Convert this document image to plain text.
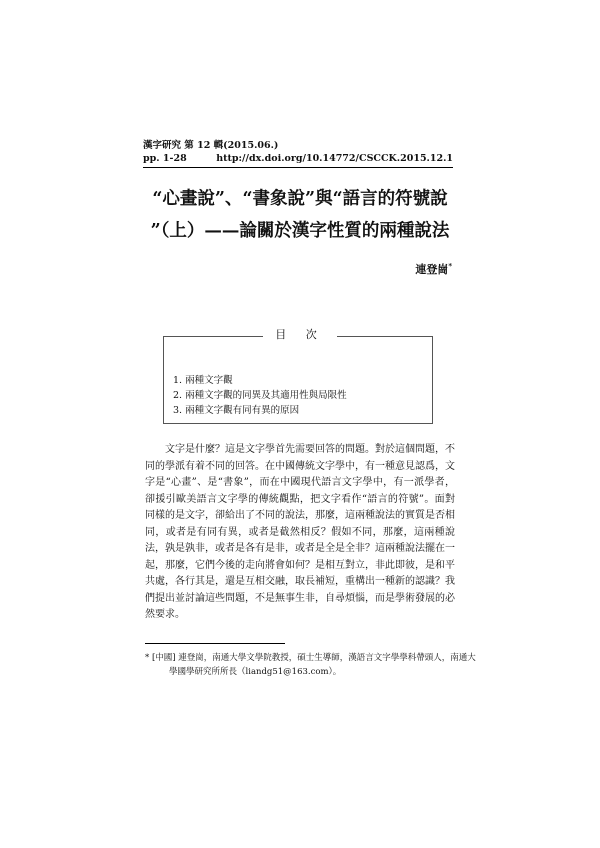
漢字研究 第 12 輯(2015.06.)
pp. 1-28	http://dx.doi.org/10.14772/CSCCK.2015.12.1
“心畫說”、“書象說”與“語言的符號說
”（上）——論關於漢字性質的兩種說法
連登崗*
目 次
1. 兩種文字觀
2. 兩種文字觀的同異及其適用性與局限性
3. 兩種文字觀有同有異的原因

文字是什麼？這是文字學首先需要回答的問題。對於這個問題，不同的學派有着不同的回答。在中國傳統文字學中，有一種意見認爲，文字是“心畫”、是“書象”，而在中國現代語言文字學中，有一派學者，卻援引歐美語言文字學的傳統觀點，把文字看作“語言的符號”。面對同樣的是文字，卻給出了不同的說法，那麼，這兩種說法的實質是否相同，或者是有同有異，或者是截然相反？假如不同，那麼，這兩種說法，孰是孰非，或者是各有是非，或者是全是全非？這兩種說法擺在一起，那麼，它們今後的走向將會如何？是相互對立，非此即彼，是和平共處，各行其是，還是互相交融，取長補短，重構出一種新的認識？我們提出並討論這些問題，不是無事生非，自尋煩惱，而是學術發展的必然要求。

* [中國] 連登崗，南通大學文學院教授，碩士生導師，漢語言文字學學科帶頭人，南通大學國學研究所所長（liandg51@163.com）。
